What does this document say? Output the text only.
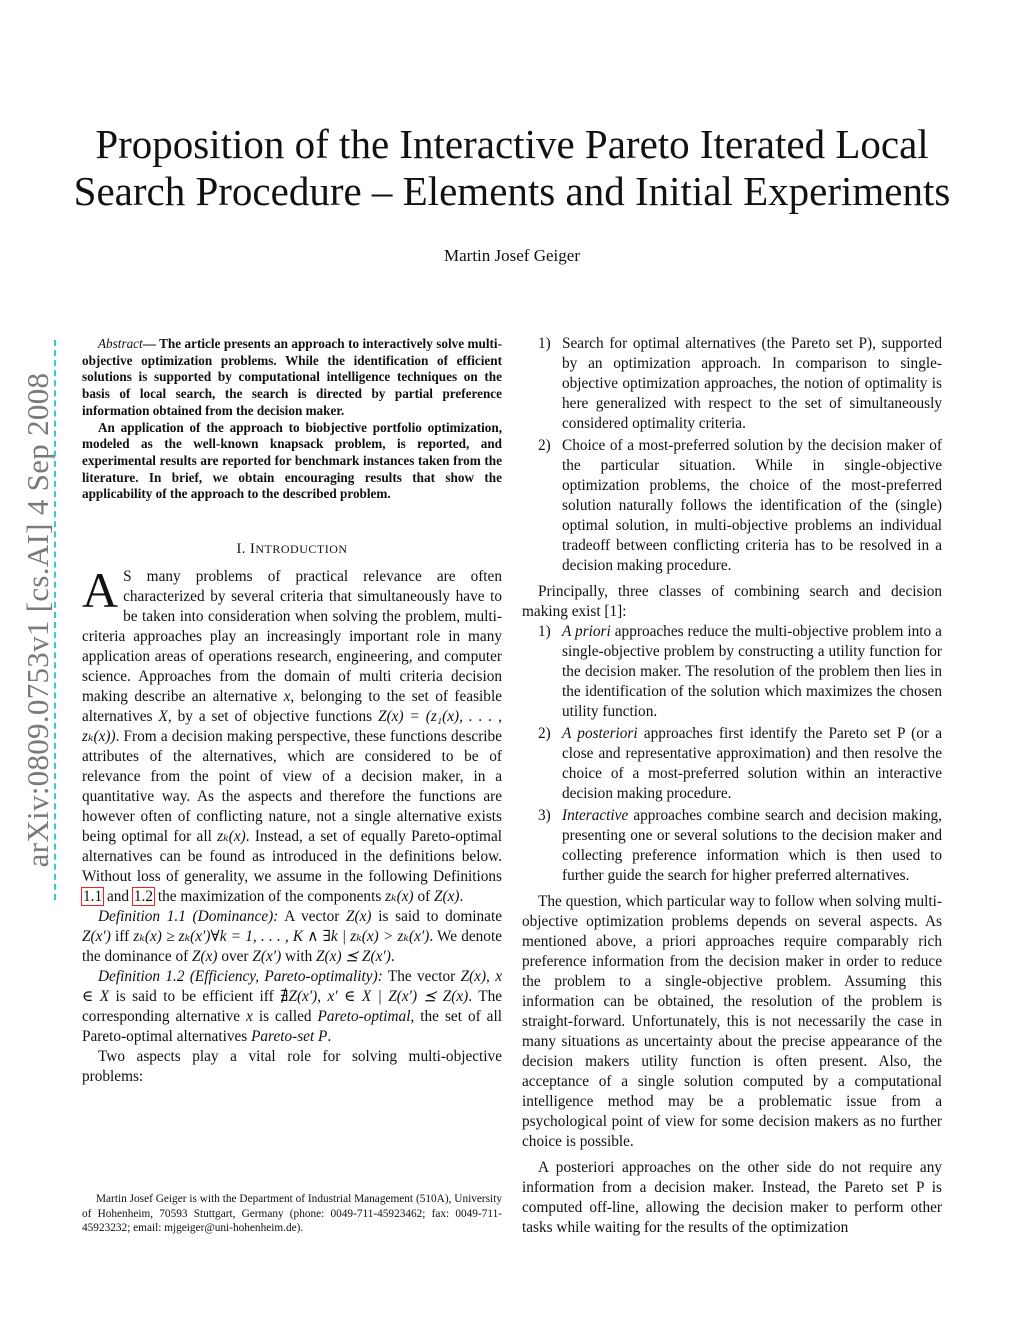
Proposition of the Interactive Pareto Iterated Local Search Procedure – Elements and Initial Experiments
Martin Josef Geiger
arXiv:0809.0753v1 [cs.AI] 4 Sep 2008

Abstract— The article presents an approach to interactively solve multi-objective optimization problems. While the identification of efficient solutions is supported by computational intelligence techniques on the basis of local search, the search is directed by partial preference information obtained from the decision maker.

An application of the approach to biobjective portfolio optimization, modeled as the well-known knapsack problem, is reported, and experimental results are reported for benchmark instances taken from the literature. In brief, we obtain encouraging results that show the applicability of the approach to the described problem.

I. INTRODUCTION

A S many problems of practical relevance are often characterized by several criteria that simultaneously have to be taken into consideration when solving the problem, multi-criteria approaches play an increasingly important role in many application areas of operations research, engineering, and computer science. Approaches from the domain of multi criteria decision making describe an alternative x, belonging to the set of feasible alternatives X, by a set of objective functions Z(x) = (z₁(x), . . . , zₖ(x)). From a decision making perspective, these functions describe attributes of the alternatives, which are considered to be of relevance from the point of view of a decision maker, in a quantitative way. As the aspects and therefore the functions are however often of conflicting nature, not a single alternative exists being optimal for all zₖ(x). Instead, a set of equally Pareto-optimal alternatives can be found as introduced in the definitions below. Without loss of generality, we assume in the following Definitions 1.1 and 1.2 the maximization of the components zₖ(x) of Z(x).

Definition 1.1 (Dominance): A vector Z(x) is said to dominate Z(x′) iff zₖ(x) ≥ zₖ(x′)∀k = 1, . . . , K ∧ ∃k | zₖ(x) > zₖ(x′). We denote the dominance of Z(x) over Z(x′) with Z(x) ⪯ Z(x′).

Definition 1.2 (Efficiency, Pareto-optimality): The vector Z(x), x ∈ X is said to be efficient iff ∄Z(x′), x′ ∈ X | Z(x′) ⪯ Z(x). The corresponding alternative x is called Pareto-optimal, the set of all Pareto-optimal alternatives Pareto-set P.

Two aspects play a vital role for solving multi-objective problems:

Martin Josef Geiger is with the Department of Industrial Management (510A), University of Hohenheim, 70593 Stuttgart, Germany (phone: 0049-711-45923462; fax: 0049-711-45923232; email: mjgeiger@uni-hohenheim.de).
1) Search for optimal alternatives (the Pareto set P), supported by an optimization approach. In comparison to single-objective optimization approaches, the notion of optimality is here generalized with respect to the set of simultaneously considered optimality criteria.
2) Choice of a most-preferred solution by the decision maker of the particular situation. While in single-objective optimization problems, the choice of the most-preferred solution naturally follows the identification of the (single) optimal solution, in multi-objective problems an individual tradeoff between conflicting criteria has to be resolved in a decision making procedure.

Principally, three classes of combining search and decision making exist [1]:

1) A priori approaches reduce the multi-objective problem into a single-objective problem by constructing a utility function for the decision maker. The resolution of the problem then lies in the identification of the solution which maximizes the chosen utility function.
2) A posteriori approaches first identify the Pareto set P (or a close and representative approximation) and then resolve the choice of a most-preferred solution within an interactive decision making procedure.
3) Interactive approaches combine search and decision making, presenting one or several solutions to the decision maker and collecting preference information which is then used to further guide the search for higher preferred alternatives.

The question, which particular way to follow when solving multi-objective optimization problems depends on several aspects. As mentioned above, a priori approaches require comparably rich preference information from the decision maker in order to reduce the problem to a single-objective problem. Assuming this information can be obtained, the resolution of the problem is straight-forward. Unfortunately, this is not necessarily the case in many situations as uncertainty about the precise appearance of the decision makers utility function is often present. Also, the acceptance of a single solution computed by a computational intelligence method may be a problematic issue from a psychological point of view for some decision makers as no further choice is possible.

A posteriori approaches on the other side do not require any information from a decision maker. Instead, the Pareto set P is computed off-line, allowing the decision maker to perform other tasks while waiting for the results of the optimization
